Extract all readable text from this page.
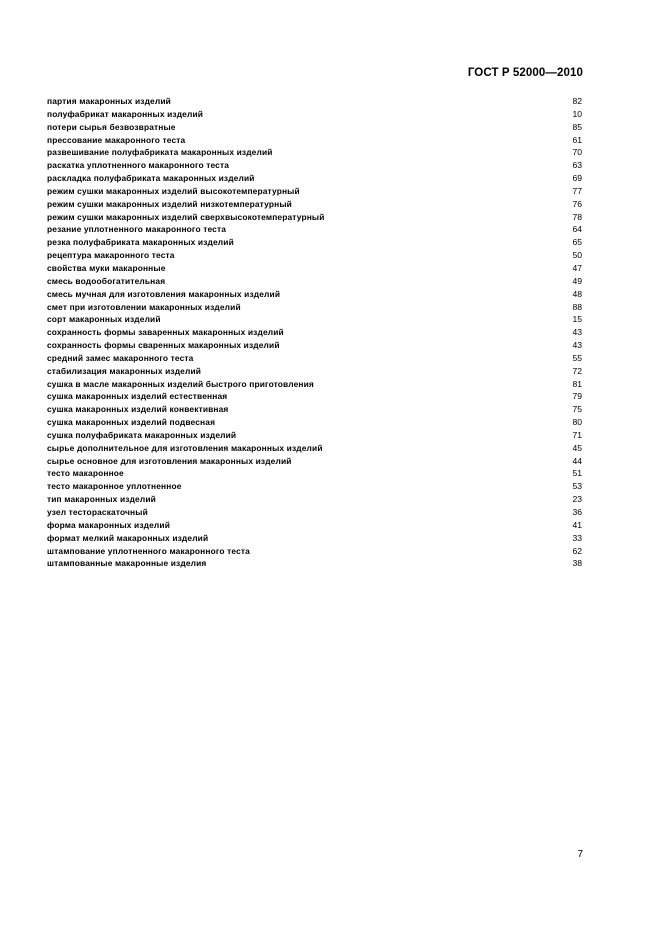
ГОСТ Р 52000—2010
партия макаронных изделий	82
полуфабрикат макаронных изделий	10
потери сырья безвозвратные	85
прессование макаронного теста	61
развешивание полуфабриката макаронных изделий	70
раскатка уплотненного макаронного теста	63
раскладка полуфабриката макаронных изделий	69
режим сушки макаронных изделий высокотемпературный	77
режим сушки макаронных изделий низкотемпературный	76
режим сушки макаронных изделий сверхвысокотемпературный	78
резание уплотненного макаронного теста	64
резка полуфабриката макаронных изделий	65
рецептура макаронного теста	50
свойства муки макаронные	47
смесь водообогатительная	49
смесь мучная для изготовления макаронных изделий	48
смет при изготовлении макаронных изделий	88
сорт макаронных изделий	15
сохранность формы заваренных макаронных изделий	43
сохранность формы сваренных макаронных изделий	43
средний замес макаронного теста	55
стабилизация макаронных изделий	72
сушка в масле макаронных изделий быстрого приготовления	81
сушка макаронных изделий естественная	79
сушка макаронных изделий конвективная	75
сушка макаронных изделий подвесная	80
сушка полуфабриката макаронных изделий	71
сырье дополнительное для изготовления макаронных изделий	45
сырье основное для изготовления макаронных изделий	44
тесто макаронное	51
тесто макаронное уплотненное	53
тип макаронных изделий	23
узел тестораскаточный	36
форма макаронных изделий	41
формат мелкий макаронных изделий	33
штампование уплотненного макаронного теста	62
штампованные макаронные изделия	38
7
